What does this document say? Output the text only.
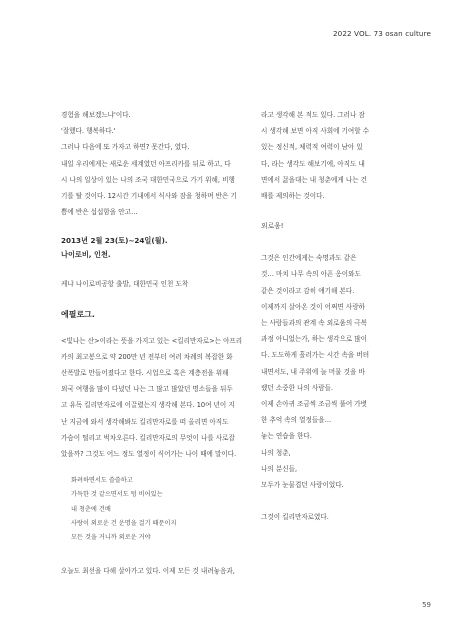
2022 VOL. 73 osan culture
경험을 해보겠느냐'이다.
'잘했다. 행복하다.'
그러나 다음에 또 가자고 하면? 못간다, 였다.
내일 우리에게는 새로운 세계였던 아프리카를 뒤로 하고, 다
시 나의 일상이 있는 나의 조국 대한민국으로 가기 위해, 비행
기를 탈 것이다. 12시간 기내에서 식사와 잠을 청하며 반은 기
쁨에 반은 섭섭함을 안고…
2013년 2월 23(토)~24일(월).
나이로비, 인천.
케냐 나이로비공항 출발, 대한민국 인천 도착
에필로그.
<빛나는 산>이라는 뜻을 가지고 있는 <킬리만자로>는 아프리
카의 최고봉으로 약 200만 년 전부터 여러 차례의 복잡한 화
산폭발로 만들어졌다고 한다. 시업으로 혹은 계층전을 위해
외국 여행을 많이 다녔던 나는 그 많고 많았던 명소들을 뒤두
고 유독 킬리만자로에 이끌렸는지 생각해 본다. 10여 년이 지
난 지금에 와서 생각해봐도 킬리만자로를 떠 올리면 아직도
가슴이 떨리고 벅차오른다. 킬리만자로의 무엇이 나를 사로잡
았을까? 그것도 어느 정도 열정이 식어가는 나이 때에 말이다.
화려하면서도 쓸쓸하고
가득한 것 같으면서도 텅 비어있는
내 청춘에 건배
사랑이 외로운 건 운명을 걸기 때문이지
모든 것을 거니까 외로운 거야
오늘도 최선을 다해 살아가고 있다. 이제 모든 것 내려놓음과,
라고 생각해 본 적도 있다. 그러나 잠
시 생각해 보면 아직 사회에 기여할 수
있는 정신적, 체력적 여력이 남아 있
다, 라는 생각도 해보기에, 아직도 내
면에서 끓을대는 내 청춘에게 나는 건
배를 제의하는 것이다.
외로움!
그것은 인간에게는 숙명과도 같은
것… 마치 나무 속의 아픈 옹이와도
같은 것이라고 감히 얘기해 본다.
이제까지 살아온 것이 어쩌면 사랑하
는 사람들과의 관계 속 외로움의 극복
과정 아니었는가, 하는 생각으로 많이
다. 도도하게 흘러가는 시간 속을 버텨
내면서도, 내 주위에 늘 머물 것을 바
랬던 소중한 나의 사람들.
이제 손아귀 조금씩 조금씩 풀어 가볏
한 추억 속의 열정들을…
놓는 연습을 한다.
나의 청춘,
나의 분신들,
모두가 눈물겹던 사랑이었다.
그것이 킬리만자로였다.
59
